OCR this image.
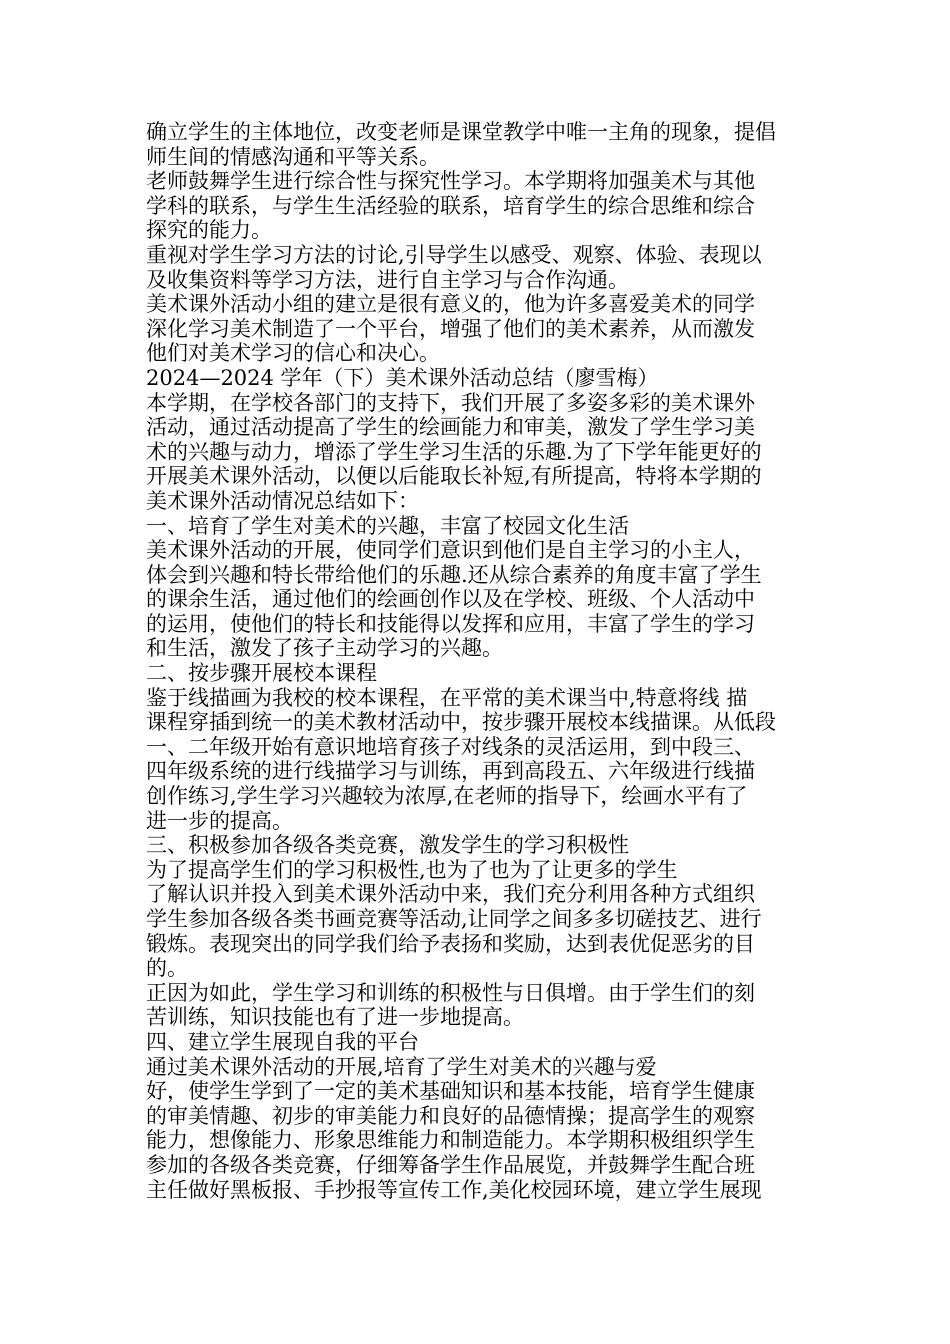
确立学生的主体地位，改变老师是课堂教学中唯一主角的现象，提倡
师生间的情感沟通和平等关系。
老师鼓舞学生进行综合性与探究性学习。本学期将加强美术与其他
学科的联系，与学生生活经验的联系，培育学生的综合思维和综合
探究的能力。
重视对学生学习方法的讨论,引导学生以感受、观察、体验、表现以
及收集资料等学习方法，进行自主学习与合作沟通。
美术课外活动小组的建立是很有意义的，他为许多喜爱美术的同学
深化学习美术制造了一个平台，增强了他们的美术素养，从而激发
他们对美术学习的信心和决心。
2024—2024 学年（下）美术课外活动总结（廖雪梅）
本学期，在学校各部门的支持下，我们开展了多姿多彩的美术课外
活动，通过活动提高了学生的绘画能力和审美，激发了学生学习美
术的兴趣与动力，增添了学生学习生活的乐趣.为了下学年能更好的
开展美术课外活动，以便以后能取长补短,有所提高，特将本学期的
美术课外活动情况总结如下：
一、培育了学生对美术的兴趣，丰富了校园文化生活
美术课外活动的开展，使同学们意识到他们是自主学习的小主人，
体会到兴趣和特长带给他们的乐趣.还从综合素养的角度丰富了学生
的课余生活，通过他们的绘画创作以及在学校、班级、个人活动中
的运用，使他们的特长和技能得以发挥和应用，丰富了学生的学习
和生活，激发了孩子主动学习的兴趣。
二、按步骤开展校本课程
鉴于线描画为我校的校本课程，在平常的美术课当中,特意将线 描
课程穿插到统一的美术教材活动中，按步骤开展校本线描课。从低段
一、二年级开始有意识地培育孩子对线条的灵活运用，到中段三、
四年级系统的进行线描学习与训练，再到高段五、六年级进行线描
创作练习,学生学习兴趣较为浓厚,在老师的指导下，绘画水平有了
进一步的提高。
三、积极参加各级各类竞赛，激发学生的学习积极性
为了提高学生们的学习积极性,也为了也为了让更多的学生
了解认识并投入到美术课外活动中来，我们充分利用各种方式组织
学生参加各级各类书画竞赛等活动,让同学之间多多切磋技艺、进行
锻炼。表现突出的同学我们给予表扬和奖励，达到表优促恶劣的目
的。
正因为如此，学生学习和训练的积极性与日俱增。由于学生们的刻
苦训练，知识技能也有了进一步地提高。
四、建立学生展现自我的平台
通过美术课外活动的开展,培育了学生对美术的兴趣与爱
好，使学生学到了一定的美术基础知识和基本技能，培育学生健康
的审美情趣、初步的审美能力和良好的品德情操；提高学生的观察
能力，想像能力、形象思维能力和制造能力。本学期积极组织学生
参加的各级各类竞赛，仔细筹备学生作品展览，并鼓舞学生配合班
主任做好黑板报、手抄报等宣传工作,美化校园环境，建立学生展现
